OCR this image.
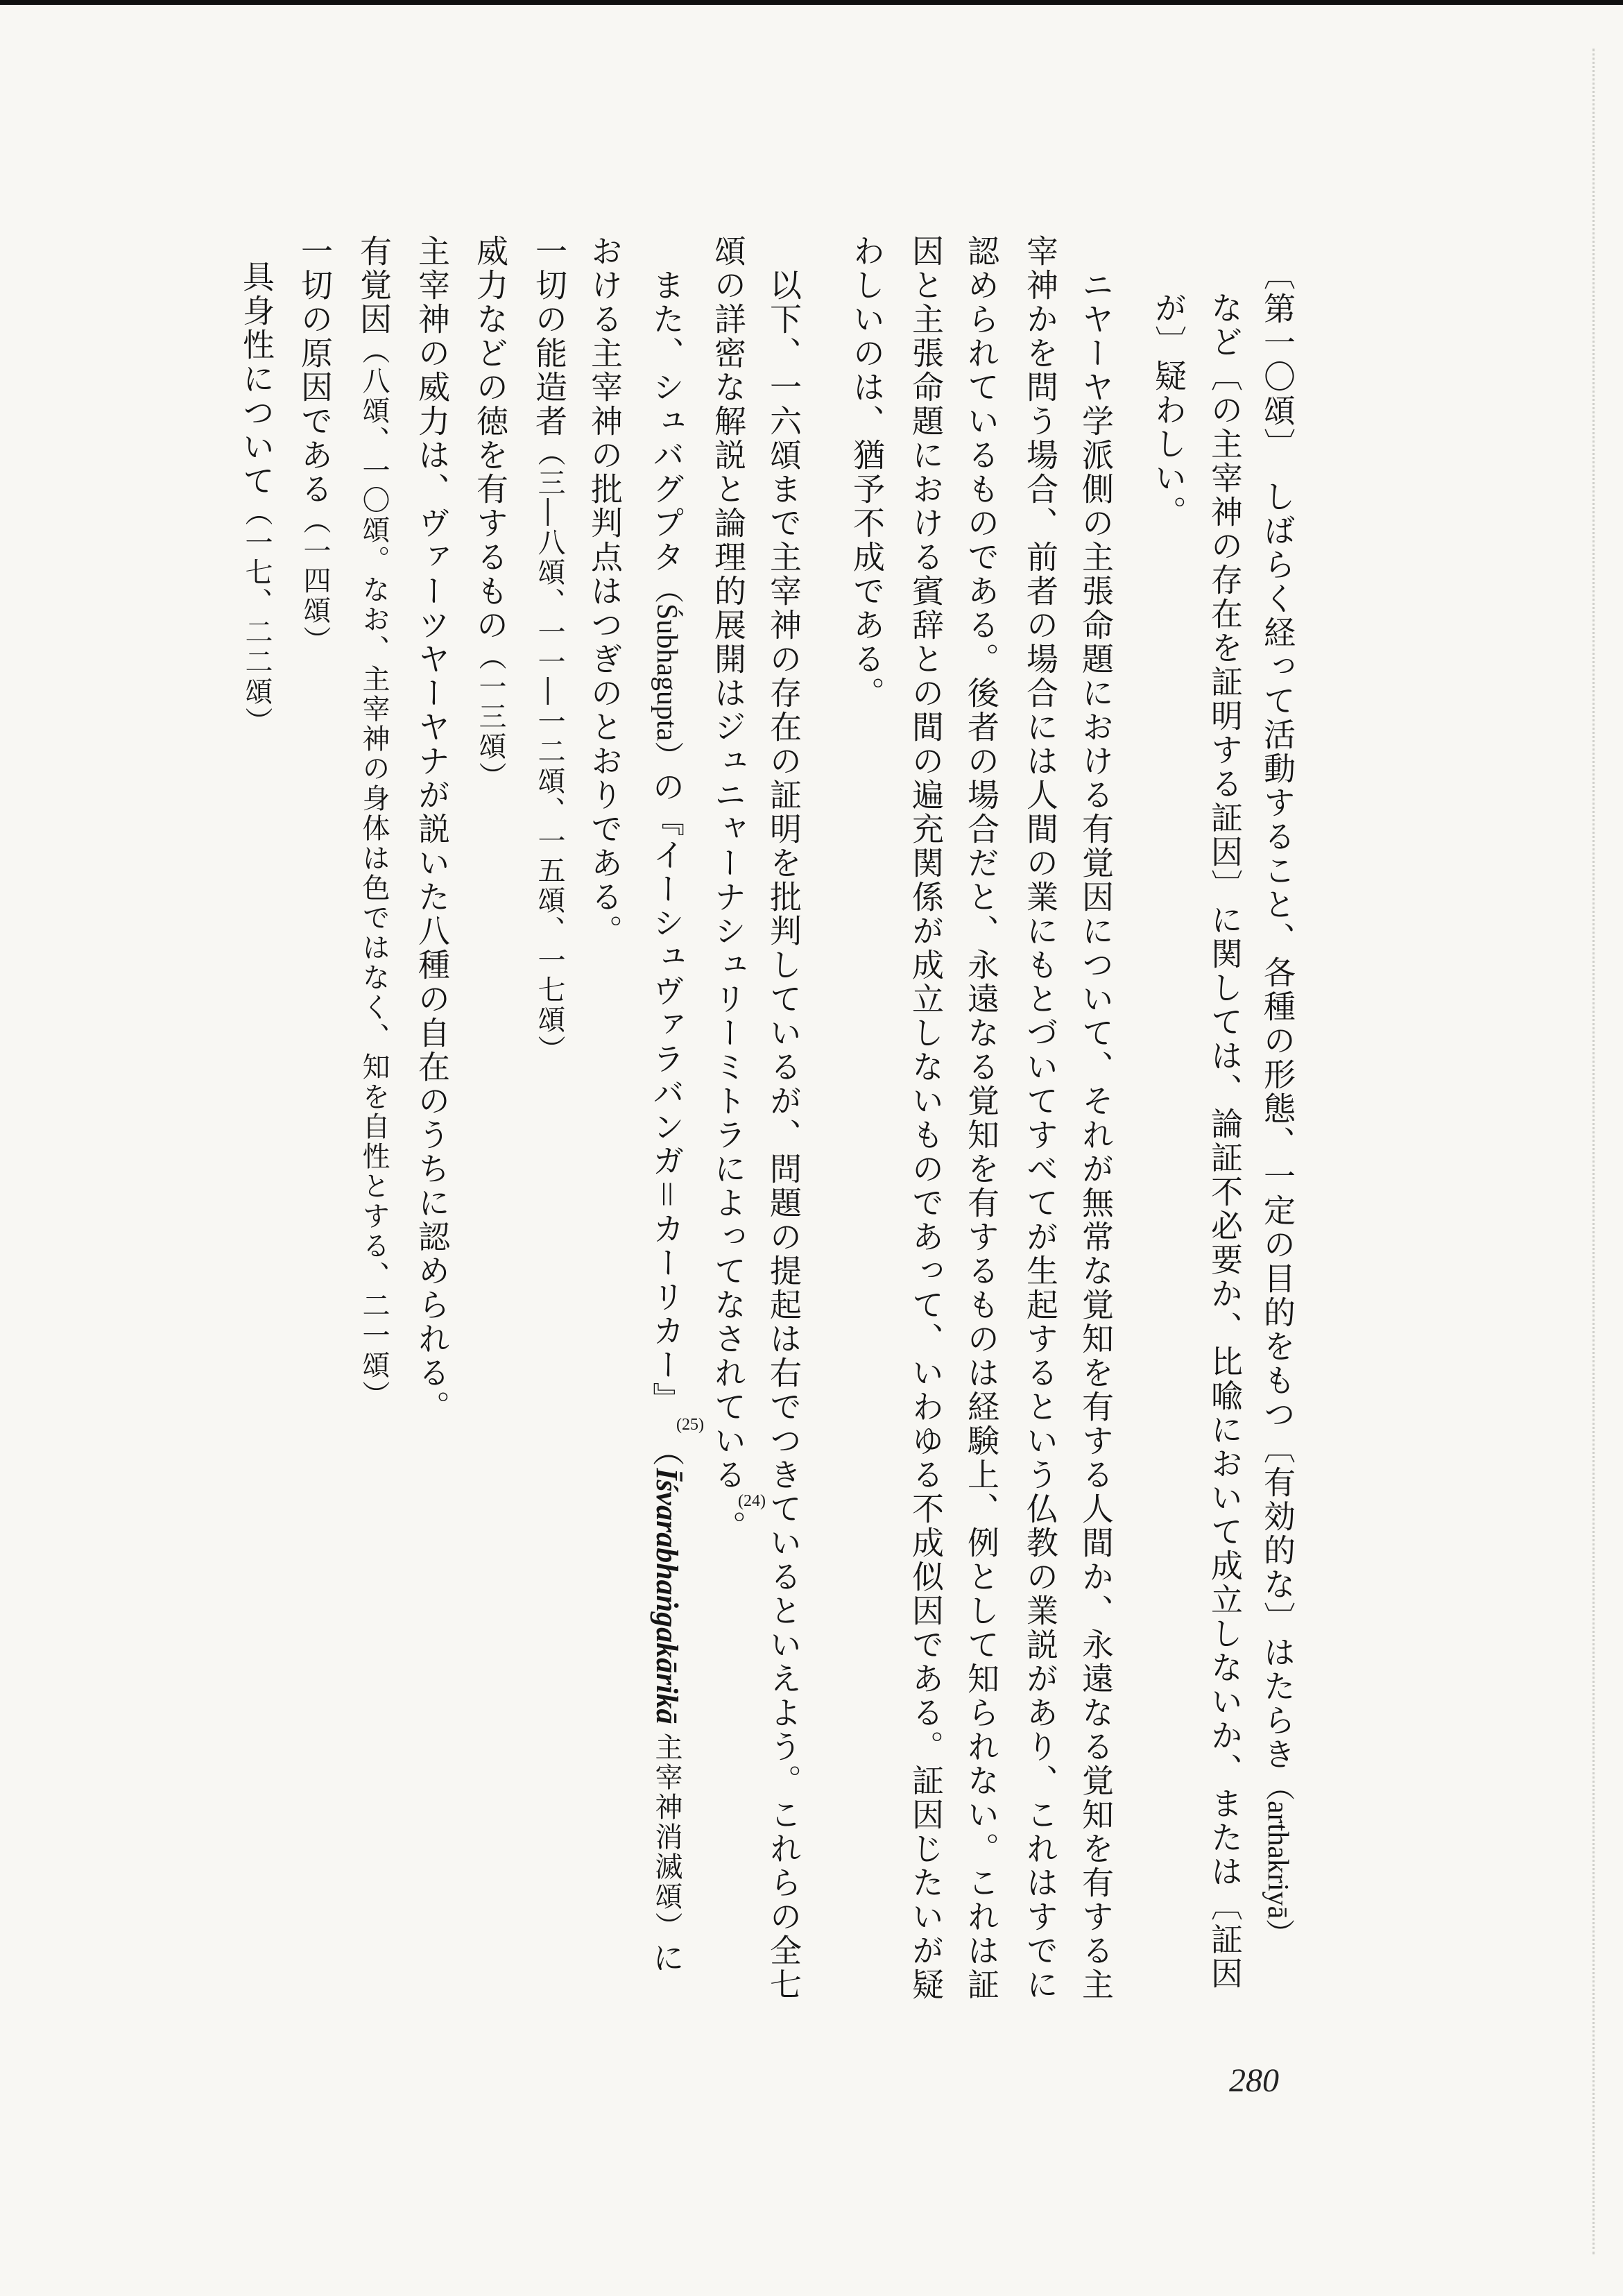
〔第一〇頌〕　しばらく経って活動すること、各種の形態、一定の目的をもつ〔有効的な〕はたらき（arthakriyā）
など〔の主宰神の存在を証明する証因〕に関しては、論証不必要か、比喩において成立しないか、または〔証因
が〕疑わしい。
ニヤーヤ学派側の主張命題における有覚因について、それが無常な覚知を有する人間か、永遠なる覚知を有する主
宰神かを問う場合、前者の場合には人間の業にもとづいてすべてが生起するという仏教の業説があり、これはすでに
認められているものである。後者の場合だと、永遠なる覚知を有するものは経験上、例として知られない。これは証
因と主張命題における賓辞との間の遍充関係が成立しないものであって、いわゆる不成似因である。証因じたいが疑
わしいのは、猶予不成である。
以下、一六頌まで主宰神の存在の証明を批判しているが、問題の提起は右でつきているといえよう。これらの全七
頌の詳密な解説と論理的展開はジュニャーナシュリーミトラによってなされている(24)。
また、シュバグプタ（Śubhagupta）の『イーシュヴァラバンガ＝カーリカー』(25)（Īśvarabhaṅgakārikā主宰神消滅頌）に
おける主宰神の批判点はつぎのとおりである。
一切の能造者（三―八頌、一一―一二頌、一五頌、一七頌）
威力などの徳を有するもの（一三頌）
主宰神の威力は、ヴァーツヤーヤナが説いた八種の自在のうちに認められる。
有覚因（八頌、一〇頌。なお、主宰神の身体は色ではなく、知を自性とする、二一頌）
一切の原因である（一四頌）
具身性について（一七、二二頌）
280
